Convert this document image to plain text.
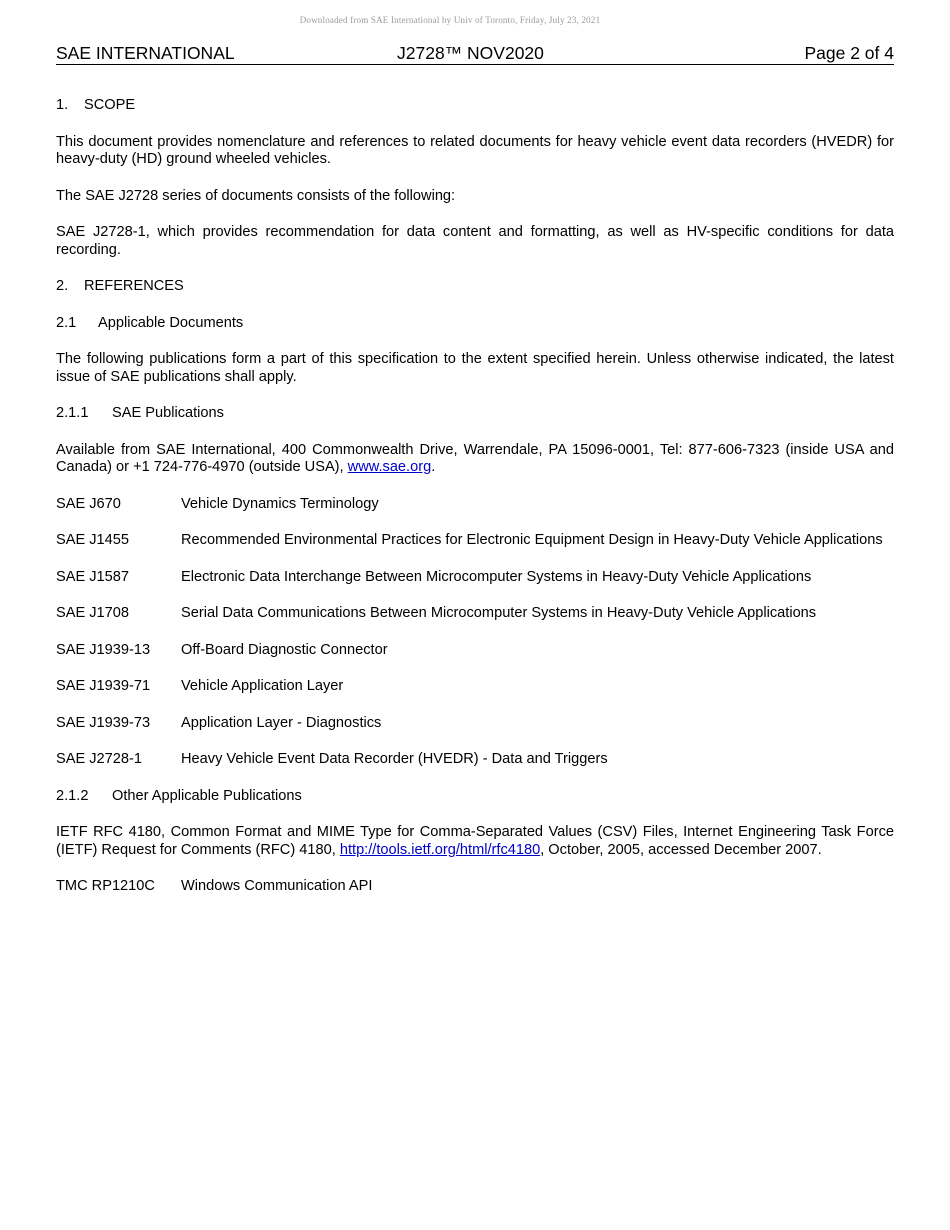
Downloaded from SAE International by Univ of Toronto, Friday, July 23, 2021
SAE INTERNATIONAL	J2728™ NOV2020	Page 2 of 4

1. SCOPE

This document provides nomenclature and references to related documents for heavy vehicle event data recorders (HVEDR) for heavy-duty (HD) ground wheeled vehicles.

The SAE J2728 series of documents consists of the following:

SAE J2728-1, which provides recommendation for data content and formatting, as well as HV-specific conditions for data recording.

2. REFERENCES

2.1 Applicable Documents

The following publications form a part of this specification to the extent specified herein. Unless otherwise indicated, the latest issue of SAE publications shall apply.

2.1.1 SAE Publications

Available from SAE International, 400 Commonwealth Drive, Warrendale, PA 15096-0001, Tel: 877-606-7323 (inside USA and Canada) or +1 724-776-4970 (outside USA), www.sae.org.

SAE J670	Vehicle Dynamics Terminology
SAE J1455	Recommended Environmental Practices for Electronic Equipment Design in Heavy-Duty Vehicle Applications
SAE J1587	Electronic Data Interchange Between Microcomputer Systems in Heavy-Duty Vehicle Applications
SAE J1708	Serial Data Communications Between Microcomputer Systems in Heavy-Duty Vehicle Applications
SAE J1939-13	Off-Board Diagnostic Connector
SAE J1939-71	Vehicle Application Layer
SAE J1939-73	Application Layer - Diagnostics
SAE J2728-1	Heavy Vehicle Event Data Recorder (HVEDR) - Data and Triggers

2.1.2 Other Applicable Publications

IETF RFC 4180, Common Format and MIME Type for Comma-Separated Values (CSV) Files, Internet Engineering Task Force (IETF) Request for Comments (RFC) 4180, http://tools.ietf.org/html/rfc4180, October, 2005, accessed December 2007.

TMC RP1210C	Windows Communication API
